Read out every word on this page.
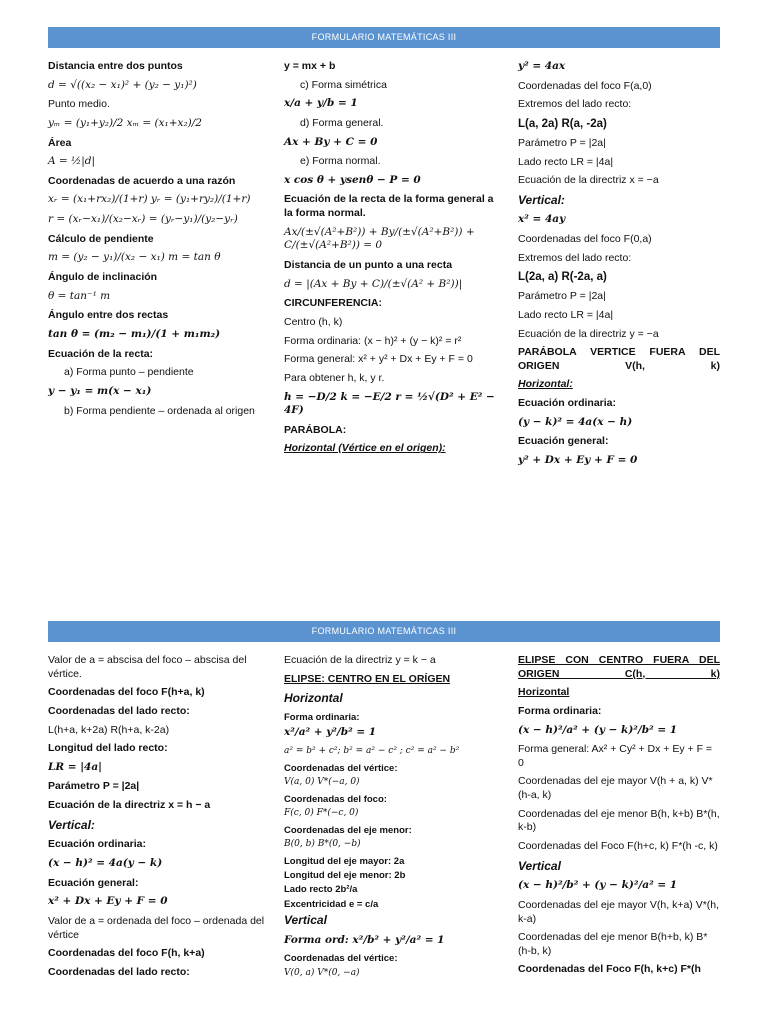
FORMULARIO MATEMÁTICAS III
Distancia entre dos puntos
d = √((x₂ − x₁)² + (y₂ − y₁)²)
Punto medio.
yₘ = (y₁+y₂)/2 xₘ = (x₁+x₂)/2
Área
A = ½|d|
Coordenadas de acuerdo a una razón
xᵣ = (x₁+rx₂)/(1+r) yᵣ = (y₁+ry₂)/(1+r)
r = (xᵣ−x₁)/(x₂−xᵣ) = (yᵣ−y₁)/(y₂−yᵣ)
Cálculo de pendiente
m = (y₂ − y₁)/(x₂ − x₁) m = tan θ
Ángulo de inclinación
θ = tan⁻¹ m
Ángulo entre dos rectas
tan θ = (m₂ − m₁)/(1 + m₁m₂)
Ecuación de la recta:
a) Forma punto – pendiente
y − y₁ = m(x − x₁)
b) Forma pendiente – ordenada al origen
y = mx + b
c) Forma simétrica
x/a + y/b = 1
d) Forma general.
Ax + By + C = 0
e) Forma normal.
x cos θ + ysenθ − P = 0
Ecuación de la recta de la forma general a la forma normal.
Ax/(±√(A²+B²)) + By/(±√(A²+B²)) + C/(±√(A²+B²)) = 0
Distancia de un punto a una recta
d = |(Ax + By + C)/(±√(A² + B²))|
CIRCUNFERENCIA:
Centro (h, k)
Forma ordinaria: (x − h)² + (y − k)² = r²
Forma general: x² + y² + Dx + Ey + F = 0
Para obtener h, k, y r.
h = −D/2 k = −E/2 r = ½√(D² + E² − 4F)
PARÁBOLA:
Horizontal (Vértice en el origen):
y² = 4ax
Coordenadas del foco F(a,0)
Extremos del lado recto:
L(a, 2a) R(a, -2a)
Parámetro P = |2a|
Lado recto LR = |4a|
Ecuación de la directriz x = −a
Vertical:
x² = 4ay
Coordenadas del foco F(0,a)
Extremos del lado recto:
L(2a, a) R(-2a, a)
Parámetro P = |2a|
Lado recto LR = |4a|
Ecuación de la directriz y = −a
PARÁBOLA VERTICE FUERA DEL ORIGEN V(h, k)
Horizontal:
Ecuación ordinaria:
(y − k)² = 4a(x − h)
Ecuación general:
y² + Dx + Ey + F = 0
FORMULARIO MATEMÁTICAS III
Valor de a = abscisa del foco – abscisa del vértice.
Coordenadas del foco F(h+a, k)
Coordenadas del lado recto:
L(h+a, k+2a) R(h+a, k-2a)
Longitud del lado recto:
LR = |4a|
Parámetro P = |2a|
Ecuación de la directriz x = h − a
Vertical:
Ecuación ordinaria:
(x − h)² = 4a(y − k)
Ecuación general:
x² + Dx + Ey + F = 0
Valor de a = ordenada del foco – ordenada del vértice
Coordenadas del foco F(h, k+a)
Coordenadas del lado recto:
Ecuación de la directriz y = k − a
ELIPSE: CENTRO EN EL ORÍGEN
Horizontal
Forma ordinaria:
x²/a² + y²/b² = 1
a² = b² + c²; b² = a² − c² ; c² = a² − b²
Coordenadas del vértice:
V(a, 0) V*(−a, 0)
Coordenadas del foco:
F(c, 0) F*(−c, 0)
Coordenadas del eje menor:
B(0, b) B*(0, −b)
Longitud del eje mayor: 2a
Longitud del eje menor: 2b
Lado recto 2b²/a
Excentricidad e = c/a
Vertical
Forma ord: x²/b² + y²/a² = 1
Coordenadas del vértice:
V(0, a) V*(0, −a)
ELIPSE CON CENTRO FUERA DEL ORIGEN C(h, k)
Horizontal
Forma ordinaria:
(x − h)²/a² + (y − k)²/b² = 1
Forma general: Ax² + Cy² + Dx + Ey + F = 0
Coordenadas del eje mayor V(h + a, k) V*(h-a, k)
Coordenadas del eje menor B(h, k+b) B*(h, k-b)
Coordenadas del Foco F(h+c, k) F*(h -c, k)
Vertical
(x − h)²/b² + (y − k)²/a² = 1
Coordenadas del eje mayor V(h, k+a) V*(h, k-a)
Coordenadas del eje menor B(h+b, k) B*(h-b, k)
Coordenadas del Foco F(h, k+c) F*(h
